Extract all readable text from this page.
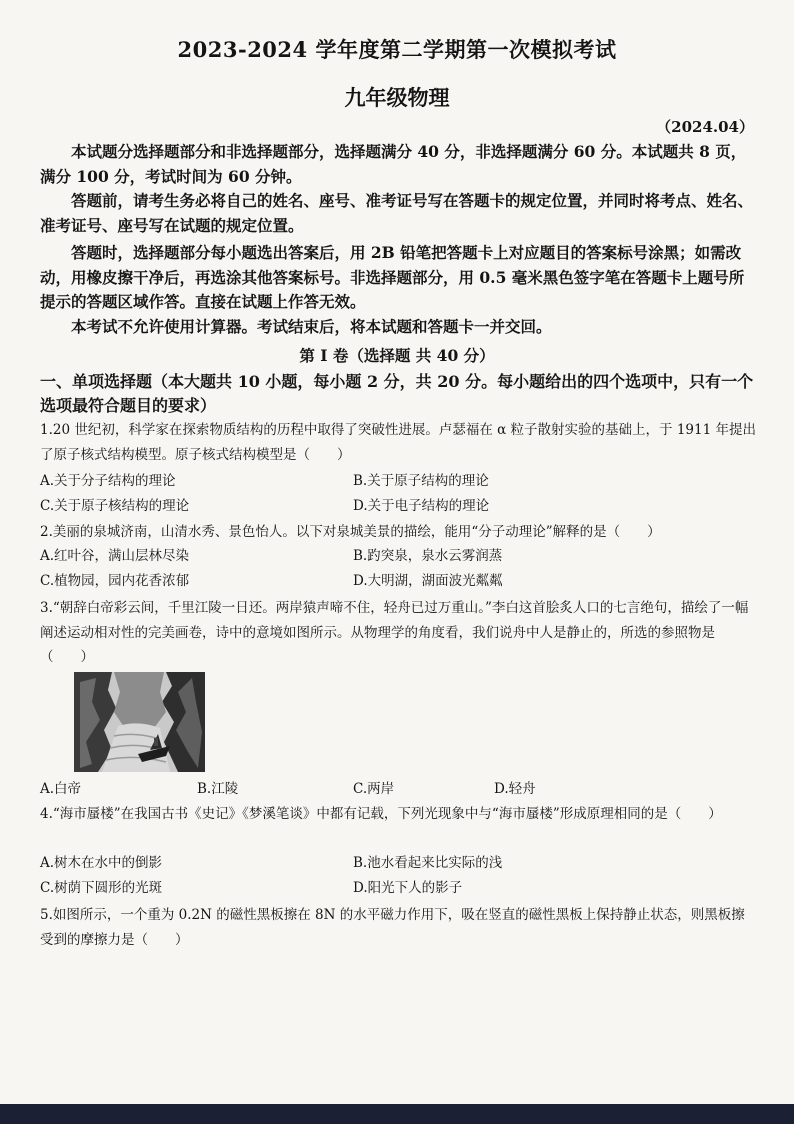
2023-2024 学年度第二学期第一次模拟考试
九年级物理
（2024.04）

本试题分选择题部分和非选择题部分，选择题满分 40 分，非选择题满分 60 分。本试题共 8 页，满分 100 分，考试时间为 60 分钟。

答题前，请考生务必将自己的姓名、座号、准考证号写在答题卡的规定位置，并同时将考点、姓名、准考证号、座号写在试题的规定位置。

答题时，选择题部分每小题选出答案后，用 2B 铅笔把答题卡上对应题目的答案标号涂黑；如需改动，用橡皮擦干净后，再选涂其他答案标号。非选择题部分，用 0.5 毫米黑色签字笔在答题卡上题号所提示的答题区域作答。直接在试题上作答无效。

本考试不允许使用计算器。考试结束后，将本试题和答题卡一并交回。

第 I 卷（选择题 共 40 分）

一、单项选择题（本大题共 10 小题，每小题 2 分，共 20 分。每小题给出的四个选项中，只有一个选项最符合题目的要求）

1.20 世纪初，科学家在探索物质结构的历程中取得了突破性进展。卢瑟福在 α 粒子散射实验的基础上，于 1911 年提出了原子核式结构模型。原子核式结构模型是（　　）

A.关于分子结构的理论	B.关于原子结构的理论
C.关于原子核结构的理论	D.关于电子结构的理论

2.美丽的泉城济南，山清水秀、景色怡人。以下对泉城美景的描绘，能用“分子动理论”解释的是（　　）

A.红叶谷，满山层林尽染	B.趵突泉，泉水云雾润蒸
C.植物园，园内花香浓郁	D.大明湖，湖面波光粼粼

3.“朝辞白帝彩云间，千里江陵一日还。两岸猿声啼不住，轻舟已过万重山。”李白这首脍炙人口的七言绝句，描绘了一幅阐述运动相对性的完美画卷，诗中的意境如图所示。从物理学的角度看，我们说舟中人是静止的，所选的参照物是（　　）

A.白帝	B.江陵	C.两岸	D.轻舟

4.“海市蜃楼”在我国古书《史记》《梦溪笔谈》中都有记载，下列光现象中与“海市蜃楼”形成原理相同的是（　　）

A.树木在水中的倒影	B.池水看起来比实际的浅
C.树荫下圆形的光斑	D.阳光下人的影子

5.如图所示，一个重为 0.2N 的磁性黑板擦在 8N 的水平磁力作用下，吸在竖直的磁性黑板上保持静止状态，则黑板擦受到的摩擦力是（　　）
